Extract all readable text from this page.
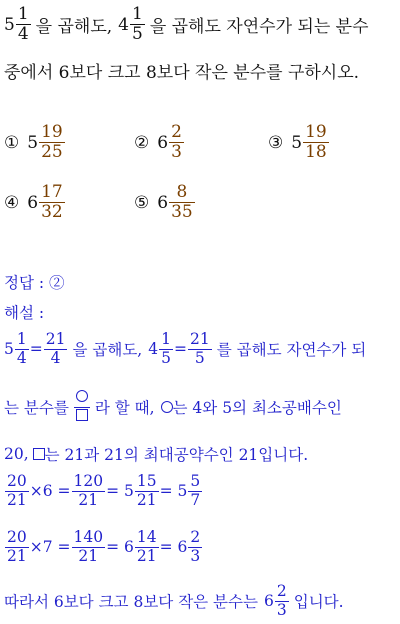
$5 \frac{1}{4}$ 을 곱해도, $4 \frac{1}{5}$ 을 곱해도 자연수가 되는 분수
중에서 6보다 크고 8보다 작은 분수를 구하시오.
① $5 \frac{19}{25}$	② $6 \frac{2}{3}$	③ $5 \frac{19}{18}$
④ $6 \frac{17}{32}$	⑤ $6 \frac{8}{35}$
정답 : ②
해설 :
$5 \frac{1}{4} = \frac{21}{4}$ 을 곱해도, $4 \frac{1}{5} = \frac{21}{5}$ 를 곱해도 자연수가 되
는 분수를 라 할 때, 는 4와 5의 최소공배수인
20, 는 21과 21의 최대공약수인 21입니다.
$\frac{20}{21} \times 6 = \frac{120}{21} = 5 \frac{15}{21} = 5 \frac{5}{7}$
$\frac{20}{21} \times 7 = \frac{140}{21} = 6 \frac{14}{21} = 6 \frac{2}{3}$
따라서 6보다 크고 8보다 작은 분수는 $6 \frac{2}{3}$ 입니다.
